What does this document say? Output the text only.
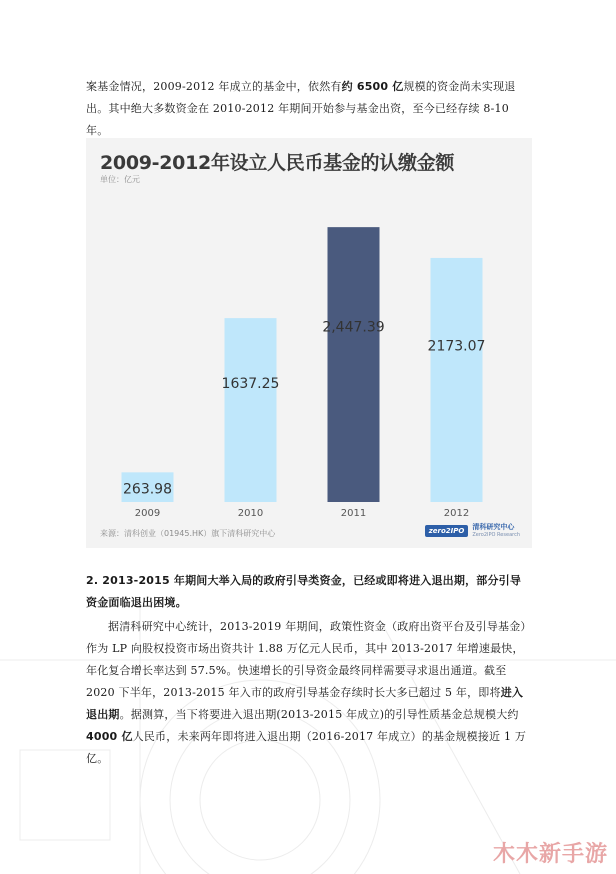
案基金情况，2009-2012 年成立的基金中，依然有约 6500 亿规模的资金尚未实现退出。其中绝大多数资金在 2010-2012 年期间开始参与基金出资，至今已经存续 8-10 年。

2009-2012年设立人民币基金的认缴金额
单位：亿元
263.98
1637.25
2,447.39
2173.07
2009	2010	2011	2012
来源：清科创业（01945.HK）旗下清科研究中心	zero2IPO	清科研究中心
Zero2IPO Research

2. 2013-2015 年期间大举入局的政府引导类资金，已经或即将进入退出期，部分引导资金面临退出困境。

据清科研究中心统计，2013-2019 年期间，政策性资金（政府出资平台及引导基金）作为 LP 向股权投资市场出资共计 1.88 万亿元人民币，其中 2013-2017 年增速最快，年化复合增长率达到 57.5%。快速增长的引导资金最终同样需要寻求退出通道。截至 2020 下半年，2013-2015 年入市的政府引导基金存续时长大多已超过 5 年，即将进入退出期。据测算，当下将要进入退出期(2013-2015 年成立)的引导性质基金总规模大约 4000 亿人民币，未来两年即将进入退出期（2016-2017 年成立）的基金规模接近 1 万亿。

木木新手游
